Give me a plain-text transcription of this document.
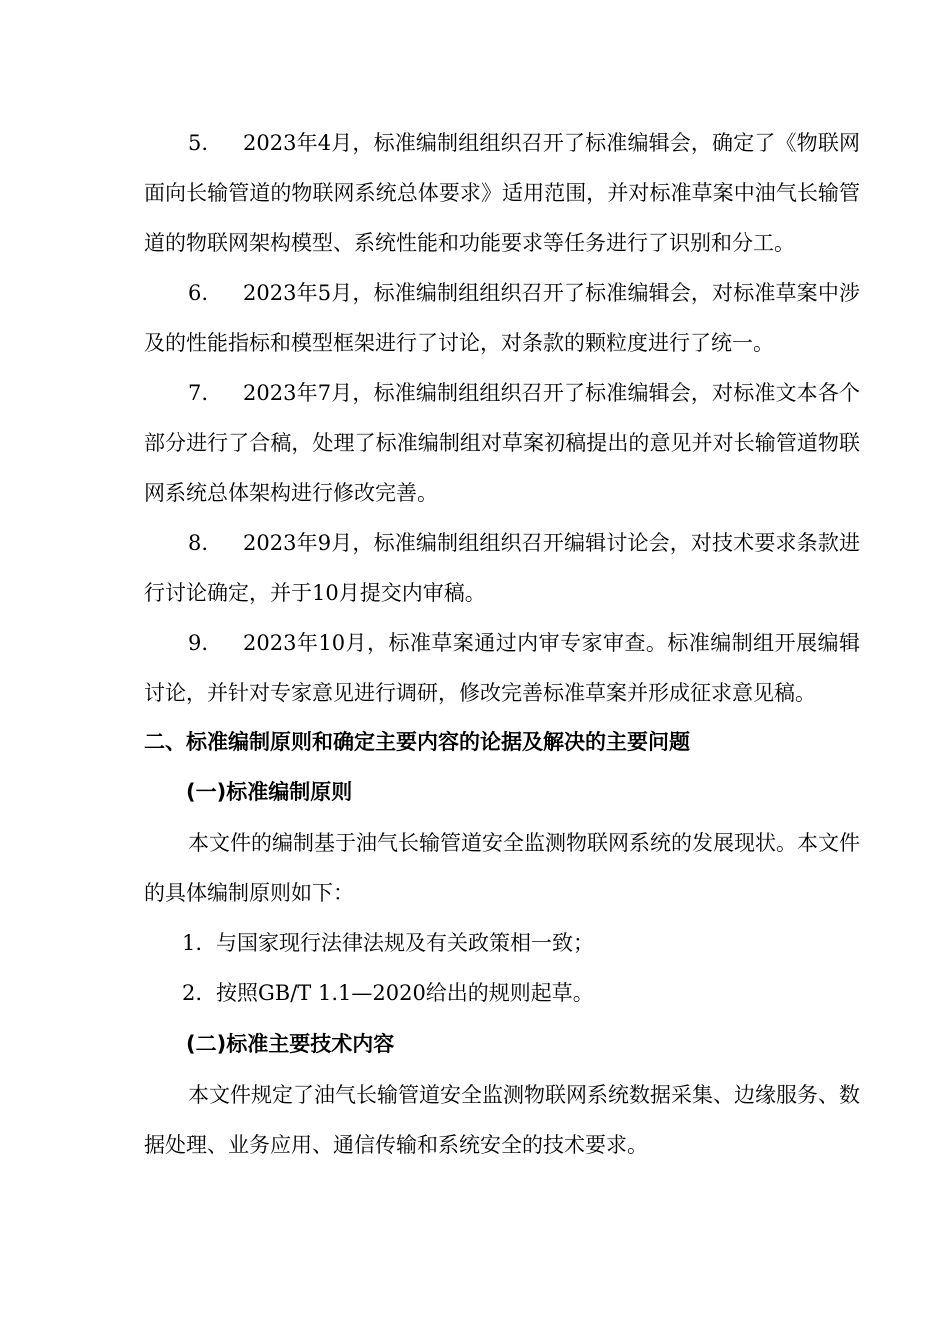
5. 2023年4月，标准编制组组织召开了标准编辑会，确定了《物联网 面向长输管道的物联网系统总体要求》适用范围，并对标准草案中油气长输管道的物联网架构模型、系统性能和功能要求等任务进行了识别和分工。

6. 2023年5月，标准编制组组织召开了标准编辑会，对标准草案中涉及的性能指标和模型框架进行了讨论，对条款的颗粒度进行了统一。

7. 2023年7月，标准编制组组织召开了标准编辑会，对标准文本各个部分进行了合稿，处理了标准编制组对草案初稿提出的意见并对长输管道物联网系统总体架构进行修改完善。

8. 2023年9月，标准编制组组织召开编辑讨论会，对技术要求条款进行讨论确定，并于10月提交内审稿。

9. 2023年10月，标准草案通过内审专家审查。标准编制组开展编辑讨论，并针对专家意见进行调研，修改完善标准草案并形成征求意见稿。

二、标准编制原则和确定主要内容的论据及解决的主要问题
(一)标准编制原则

本文件的编制基于油气长输管道安全监测物联网系统的发展现状。本文件的具体编制原则如下：

1. 与国家现行法律法规及有关政策相一致；

2. 按照GB/T 1.1—2020给出的规则起草。

(二)标准主要技术内容

本文件规定了油气长输管道安全监测物联网系统数据采集、边缘服务、数据处理、业务应用、通信传输和系统安全的技术要求。
